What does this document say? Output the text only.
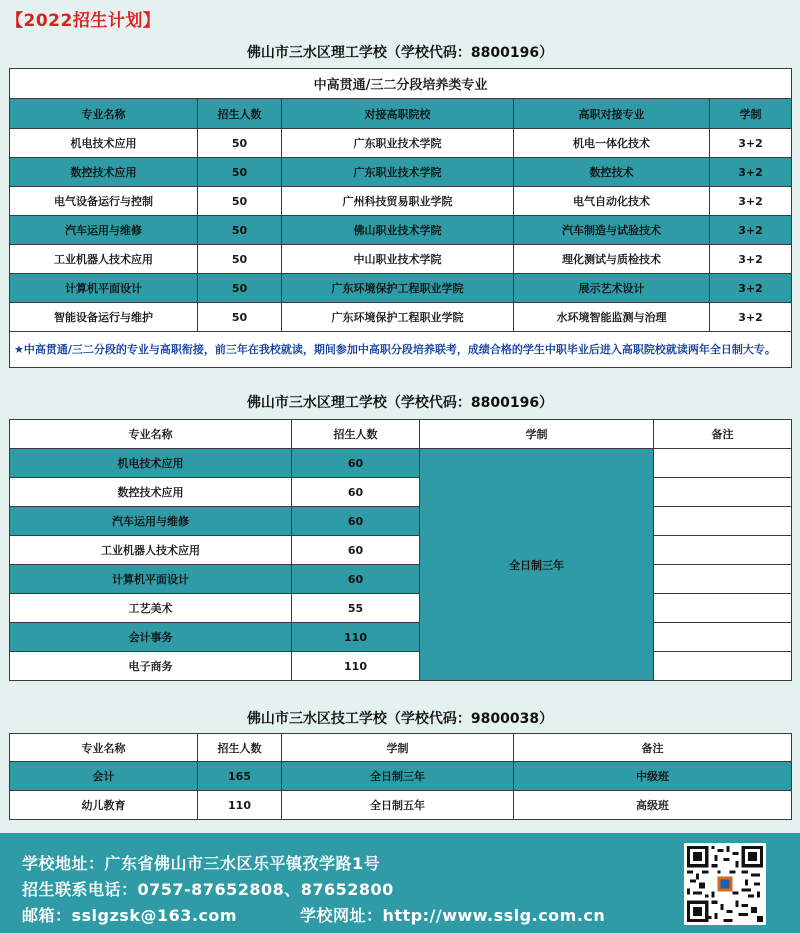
【2022招生计划】
佛山市三水区理工学校（学校代码：8800196）
中高贯通/三二分段培养类专业				
专业名称	招生人数	对接高职院校	高职对接专业	学制
机电技术应用	50	广东职业技术学院	机电一体化技术	3+2
数控技术应用	50	广东职业技术学院	数控技术	3+2
电气设备运行与控制	50	广州科技贸易职业学院	电气自动化技术	3+2
汽车运用与维修	50	佛山职业技术学院	汽车制造与试验技术	3+2
工业机器人技术应用	50	中山职业技术学院	理化测试与质检技术	3+2
计算机平面设计	50	广东环境保护工程职业学院	展示艺术设计	3+2
智能设备运行与维护	50	广东环境保护工程职业学院	水环境智能监测与治理	3+2
★中高贯通/三二分段的专业与高职衔接，前三年在我校就读，期间参加中高职分段培养联考，成绩合格的学生中职毕业后进入高职院校就读两年全日制大专。				
佛山市三水区理工学校（学校代码：8800196）
专业名称	招生人数	学制	备注
机电技术应用	60	全日制三年	
数控技术应用	60		
汽车运用与维修	60		
工业机器人技术应用	60		
计算机平面设计	60		
工艺美术	55		
会计事务	110		
电子商务	110		
佛山市三水区技工学校（学校代码：9800038）
专业名称	招生人数	学制	备注
会计	165	全日制三年	中级班
幼儿教育	110	全日制五年	高级班
学校地址：广东省佛山市三水区乐平镇孜学路1号
招生联系电话：0757-87652808、87652800
邮箱：sslgzsk@163.com	学校网址：http://www.sslg.com.cn
